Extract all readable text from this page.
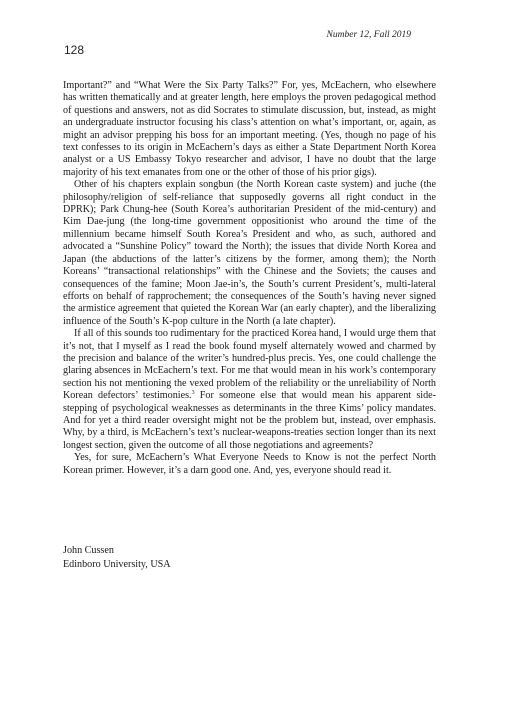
Number 12, Fall 2019
128

Important?” and “What Were the Six Party Talks?” For, yes, McEachern, who elsewhere has written thematically and at greater length, here employs the proven pedagogical method of questions and answers, not as did Socrates to stimulate discussion, but, instead, as might an undergraduate instructor focusing his class’s attention on what’s important, or, again, as might an advisor prepping his boss for an important meeting. (Yes, though no page of his text confesses to its origin in McEachern’s days as either a State Department North Korea analyst or a US Embassy Tokyo researcher and advisor, I have no doubt that the large majority of his text emanates from one or the other of those of his prior gigs).

Other of his chapters explain songbun (the North Korean caste system) and juche (the philosophy/religion of self-reliance that supposedly governs all right conduct in the DPRK); Park Chung-hee (South Korea’s authoritarian President of the mid-century) and Kim Dae-jung (the long-time government oppositionist who around the time of the millennium became himself South Korea’s President and who, as such, authored and advocated a “Sunshine Policy” toward the North); the issues that divide North Korea and Japan (the abductions of the latter’s citizens by the former, among them); the North Koreans’ “transactional relationships” with the Chinese and the Soviets; the causes and consequences of the famine; Moon Jae-in’s, the South’s current President’s, multi-lateral efforts on behalf of rapprochement; the consequences of the South’s having never signed the armistice agreement that quieted the Korean War (an early chapter), and the liberalizing influence of the South’s K-pop culture in the North (a late chapter).

If all of this sounds too rudimentary for the practiced Korea hand, I would urge them that it’s not, that I myself as I read the book found myself alternately wowed and charmed by the precision and balance of the writer’s hundred-plus precis. Yes, one could challenge the glaring absences in McEachern’s text. For me that would mean in his work’s contemporary section his not mentioning the vexed problem of the reliability or the unreliability of North Korean defectors’ testimonies.$^3$ For someone else that would mean his apparent side-stepping of psychological weaknesses as determinants in the three Kims’ policy mandates. And for yet a third reader oversight might not be the problem but, instead, over emphasis. Why, by a third, is McEachern’s text’s nuclear-weapons-treaties section longer than its next longest section, given the outcome of all those negotiations and agreements?

Yes, for sure, McEachern’s What Everyone Needs to Know is not the perfect North Korean primer. However, it’s a darn good one. And, yes, everyone should read it.

John Cussen
Edinboro University, USA
